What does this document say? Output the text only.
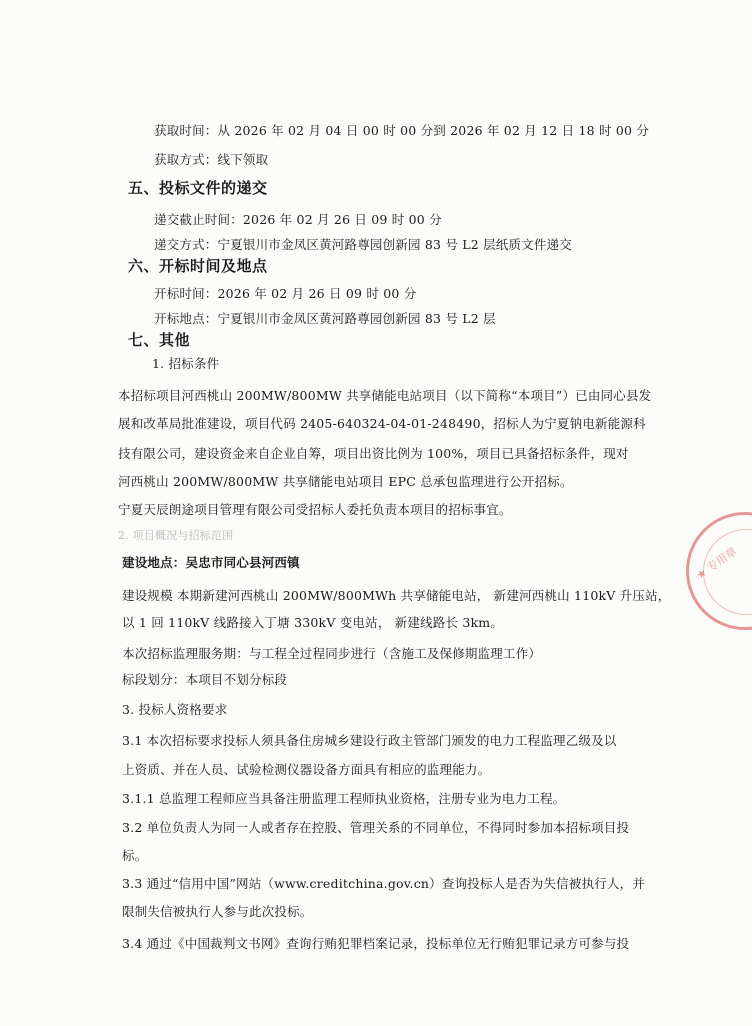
获取时间：从 2026 年 02 月 04 日 00 时 00 分到 2026 年 02 月 12 日 18 时 00 分
获取方式：线下领取
五、投标文件的递交
递交截止时间：2026 年 02 月 26 日 09 时 00 分
递交方式：宁夏银川市金凤区黄河路尊园创新园 83 号 L2 层纸质文件递交
六、开标时间及地点
开标时间：2026 年 02 月 26 日 09 时 00 分
开标地点：宁夏银川市金凤区黄河路尊园创新园 83 号 L2 层
七、其他
1. 招标条件
本招标项目河西桃山 200MW/800MW 共享储能电站项目（以下简称“本项目”）已由同心县发
展和改革局批准建设，项目代码 2405-640324-04-01-248490，招标人为宁夏钠电新能源科
技有限公司，建设资金来自企业自筹，项目出资比例为 100%，项目已具备招标条件，现对
河西桃山 200MW/800MW 共享储能电站项目 EPC 总承包监理进行公开招标。
宁夏天辰朗途项目管理有限公司受招标人委托负责本项目的招标事宜。
2. 项目概况与招标范围
建设地点：吴忠市同心县河西镇
建设规模 本期新建河西桃山 200MW/800MWh 共享储能电站， 新建河西桃山 110kV 升压站，
以 1 回 110kV 线路接入丁塘 330kV 变电站， 新建线路长 3km。
本次招标监理服务期：与工程全过程同步进行（含施工及保修期监理工作）
标段划分：本项目不划分标段
3. 投标人资格要求
3.1 本次招标要求投标人须具备住房城乡建设行政主管部门颁发的电力工程监理乙级及以
上资质、并在人员、试验检测仪器设备方面具有相应的监理能力。
3.1.1 总监理工程师应当具备注册监理工程师执业资格，注册专业为电力工程。
3.2 单位负责人为同一人或者存在控股、管理关系的不同单位，不得同时参加本招标项目投
标。
3.3 通过“信用中国”网站（www.creditchina.gov.cn）查询投标人是否为失信被执行人，并
限制失信被执行人参与此次投标。
3.4 通过《中国裁判文书网》查询行贿犯罪档案记录，投标单位无行贿犯罪记录方可参与投
★ 专用章
